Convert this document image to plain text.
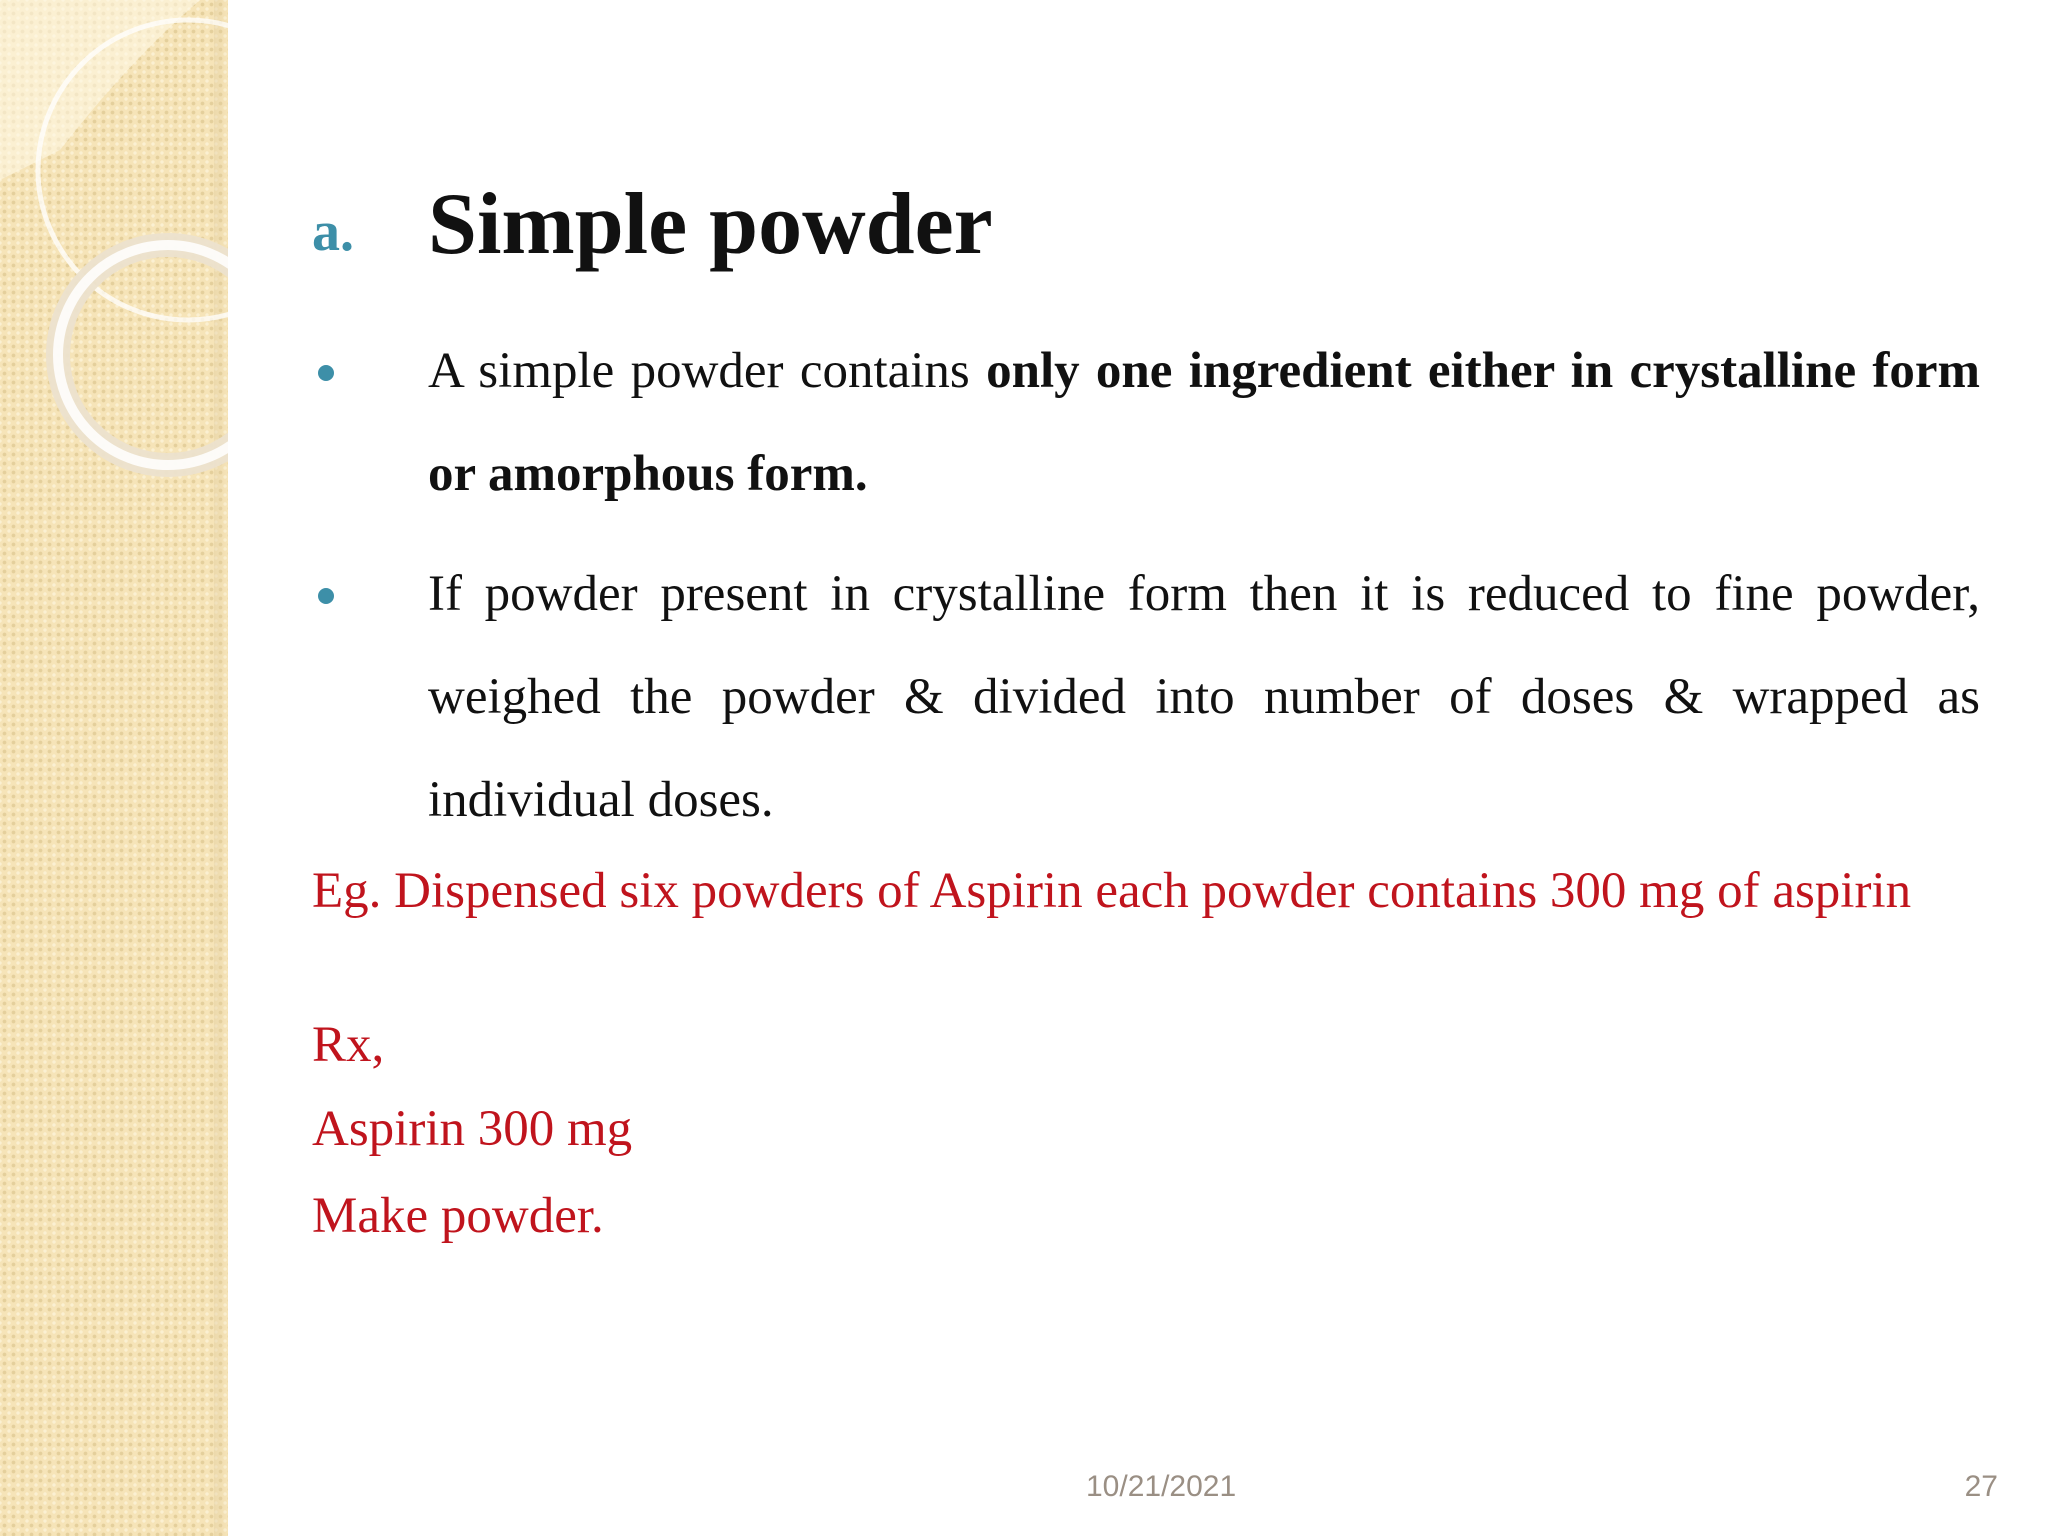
a. Simple powder
A simple powder contains only one ingredient either in crystalline form or amorphous form.
If powder present in crystalline form then it is reduced to fine powder, weighed the powder & divided into number of doses & wrapped as individual doses.
Eg. Dispensed six powders of Aspirin each powder contains 300 mg of aspirin
Rx,
Aspirin 300 mg
Make powder.
10/21/2021	27
